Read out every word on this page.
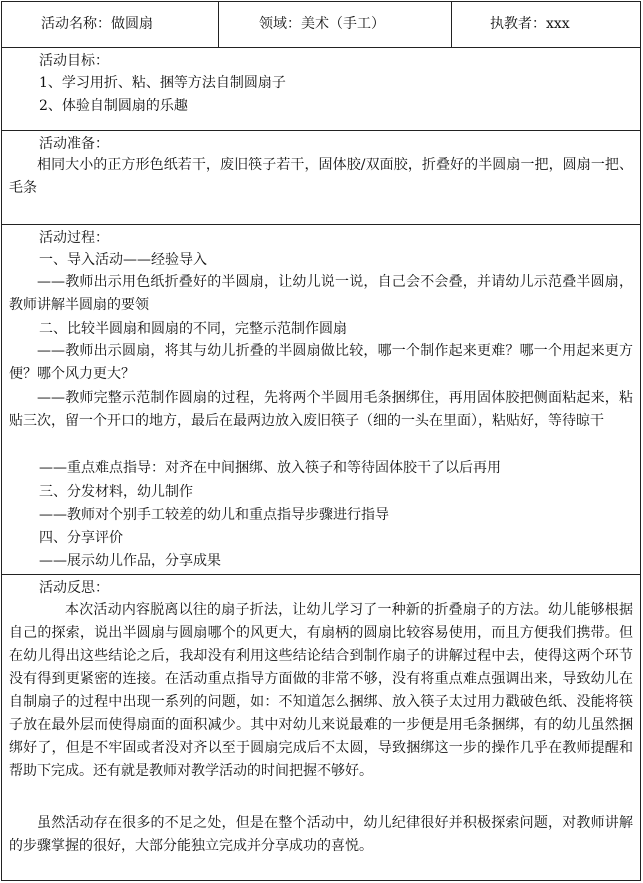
活动名称：做圆扇	领域：美术（手工）	执教者：xxx
活动目标：
1、学习用折、粘、捆等方法自制圆扇子
2、体验自制圆扇的乐趣
活动准备：
相同大小的正方形色纸若干，废旧筷子若干，固体胶/双面胶，折叠好的半圆扇一把，圆扇一把、毛条
活动过程：
一、导入活动——经验导入
——教师出示用色纸折叠好的半圆扇，让幼儿说一说，自己会不会叠，并请幼儿示范叠半圆扇，教师讲解半圆扇的要领
二、比较半圆扇和圆扇的不同，完整示范制作圆扇
——教师出示圆扇，将其与幼儿折叠的半圆扇做比较，哪一个制作起来更难？哪一个用起来更方便？哪个风力更大？
——教师完整示范制作圆扇的过程，先将两个半圆用毛条捆绑住，再用固体胶把侧面粘起来，粘贴三次，留一个开口的地方，最后在最两边放入废旧筷子（细的一头在里面），粘贴好，等待晾干
——重点难点指导：对齐在中间捆绑、放入筷子和等待固体胶干了以后再用
三、分发材料，幼儿制作
——教师对个别手工较差的幼儿和重点指导步骤进行指导
四、分享评价
——展示幼儿作品，分享成果
活动反思：
本次活动内容脱离以往的扇子折法，让幼儿学习了一种新的折叠扇子的方法。幼儿能够根据自己的探索，说出半圆扇与圆扇哪个的风更大，有扇柄的圆扇比较容易使用，而且方便我们携带。但在幼儿得出这些结论之后，我却没有利用这些结论结合到制作扇子的讲解过程中去，使得这两个环节没有得到更紧密的连接。在活动重点指导方面做的非常不够，没有将重点难点强调出来，导致幼儿在自制扇子的过程中出现一系列的问题，如：不知道怎么捆绑、放入筷子太过用力戳破色纸、没能将筷子放在最外层而使得扇面的面积减少。其中对幼儿来说最难的一步便是用毛条捆绑，有的幼儿虽然捆绑好了，但是不牢固或者没对齐以至于圆扇完成后不太圆，导致捆绑这一步的操作几乎在教师提醒和帮助下完成。还有就是教师对教学活动的时间把握不够好。
虽然活动存在很多的不足之处，但是在整个活动中，幼儿纪律很好并积极探索问题，对教师讲解的步骤掌握的很好，大部分能独立完成并分享成功的喜悦。
